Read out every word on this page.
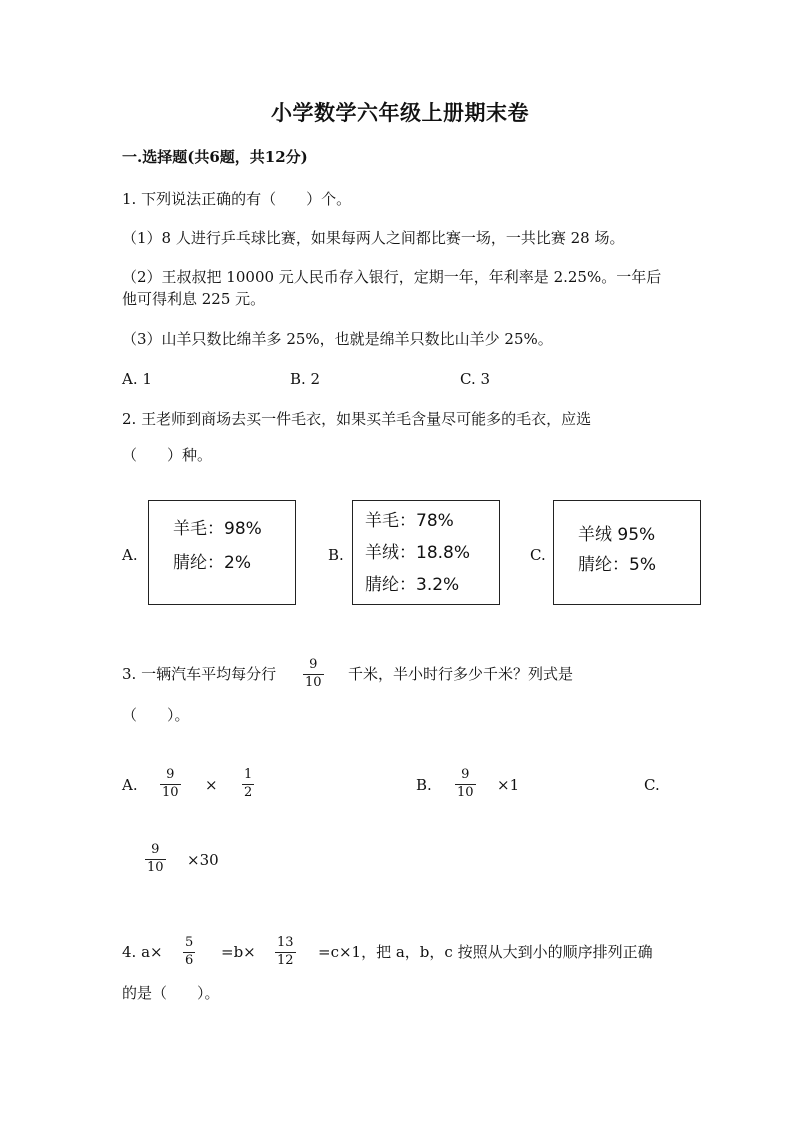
小学数学六年级上册期末卷
一.选择题(共6题，共12分)
1. 下列说法正确的有（　　）个。
（1）8 人进行乒乓球比赛，如果每两人之间都比赛一场，一共比赛 28 场。
（2）王叔叔把 10000 元人民币存入银行，定期一年，年利率是 2.25%。一年后
他可得利息 225 元。
（3）山羊只数比绵羊多 25%，也就是绵羊只数比山羊少 25%。
A. 1	B. 2	C. 3
2. 王老师到商场去买一件毛衣，如果买羊毛含量尽可能多的毛衣，应选
（　　）种。
A.
羊毛：98%
腈纶：2%	B.
羊毛：78%
羊绒：18.8%
腈纶：3.2%
C.
羊绒 95%
腈纶：5%
3. 一辆汽车平均每分行
9
10 千米，半小时行多少千米？列式是
（　　）。
A.
9
10 ×
1
2	B.
9
10 ×1	C.
9
10 ×30
4. a×
5
6 =b×
13
12 =c×1，把 a，b，c 按照从大到小的顺序排列正确
的是（　　）。
